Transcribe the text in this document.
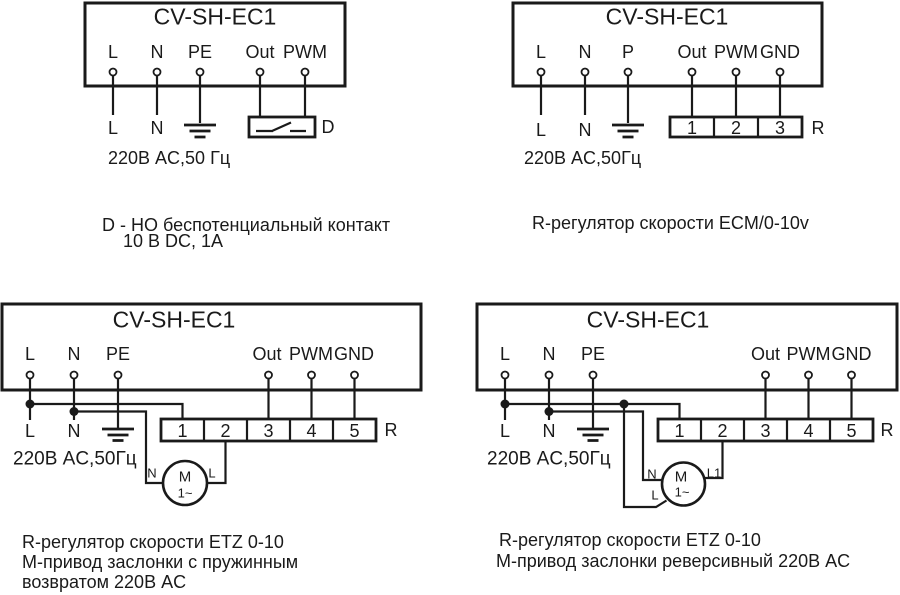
CV-SH-EC1
L N PE Out PWM
L N	D
220В AC,50 Гц
D - НО беспотенциальный контакт
10 В DC, 1А
CV-SH-EC1
L N P Out PWM GND
1 2 3 R
L N
220В AC,50Гц
R-регулятор скорости ECM/0-10v
CV-SH-EC1
L N PE	Out PWM GND
L N	1 2 3 4 5 R
M
1~
N	L
220В AC,50Гц
R-регулятор скорости ETZ 0-10
М-привод заслонки с пружинным
возвратом 220В AC
CV-SH-EC1
L N PE	Out PWM GND
L N	1 2 3 4 5 R
M
1~
N
L
L1
220В AC,50Гц
R-регулятор скорости ETZ 0-10
М-привод заслонки реверсивный 220В AC
